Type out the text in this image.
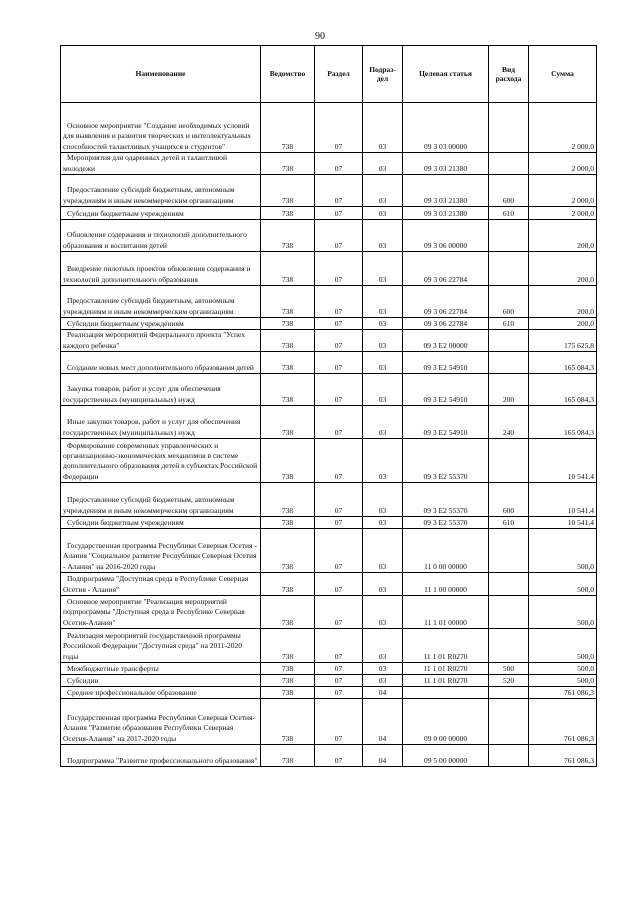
90
Наименование	Ведомство	Раздел	Подраз-дел	Целевая статья	Вид расхода	Сумма

Основное мероприятие "Создание необходимых условий для выявления и развития творческих и интеллектуальных способностей талантливых учащихся и студентов"	738	07	03	09 3 03 00000		2 000,0

Мероприятия для одаренных детей и талантливой молодежи	738	07	03	09 3 03 21380		2 000,0

Предоставление субсидий бюджетным, автономным учреждениям и иным некоммерческим организациям	738	07	03	09 3 03 21380	600	2 000,0

Субсидии бюджетным учреждениям	738	07	03	09 3 03 21380	610	2 000,0

Обновление содержания и технологий дополнительного образования и воспитания детей	738	07	03	09 3 06 00000		200,0

Внедрение пилотных проектов обновления содержания и технологий дополнительного образования	738	07	03	09 3 06 22784		200,0

Предоставление субсидий бюджетным, автономным учреждениям и иным некоммерческим организациям	738	07	03	09 3 06 22784	600	200,0

Субсидии бюджетным учреждениям	738	07	03	09 3 06 22784	610	200,0

Реализация мероприятий Федерального проекта "Успех каждого ребенка"	738	07	03	09 3 E2 00000		175 625,8

Создание новых мест дополнительного образования детей	738	07	03	09 3 E2 54910		165 084,3

Закупка товаров, работ и услуг для обеспечения государственных (муниципальных) нужд	738	07	03	09 3 E2 54910	200	165 084,3

Иные закупки товаров, работ и услуг для обеспечения государственных (муниципальных) нужд	738	07	03	09 3 E2 54910	240	165 084,3

Формирование современных управленческих и организационно-экономических механизмов в системе дополнительного образования детей в субъектах Российской Федерации	738	07	03	09 3 E2 55370		10 541,4

Предоставление субсидий бюджетным, автономным учреждениям и иным некоммерческим организациям	738	07	03	09 3 E2 55370	600	10 541,4

Субсидии бюджетным учреждениям	738	07	03	09 3 E2 55370	610	10 541,4

Государственная программа Республики Северная Осетия - Алания "Социальное развитие Республики Северная Осетия - Алания" на 2016-2020 годы	738	07	03	11 0 00 00000		500,0

Подпрограмма "Доступная среда в Республике Северная Осетия - Алания"	738	07	03	11 1 00 00000		500,0

Основное мероприятие "Реализация мероприятий подпрограммы "Доступная среда в Республике Северная Осетия-Алания"	738	07	03	11 1 01 00000		500,0

Реализация мероприятий государственной программы Российской Федерации "Доступная среда" на 2011-2020 годы	738	07	03	11 1 01 R0270		500,0

Межбюджетные трансферты	738	07	03	11 1 01 R0270	500	500,0

Субсидии	738	07	03	11 1 01 R0270	520	500,0

Среднее профессиональное образование	738	07	04			761 086,3

Государственная программа Республики Северная Осетия-Алания "Развитие образования Республики Северная Осетия-Алания" на 2017-2020 годы	738	07	04	09 0 00 00000		761 086,3

Подпрограмма "Развитие профессионального образования"	738	07	04	09 5 00 00000		761 086,3
